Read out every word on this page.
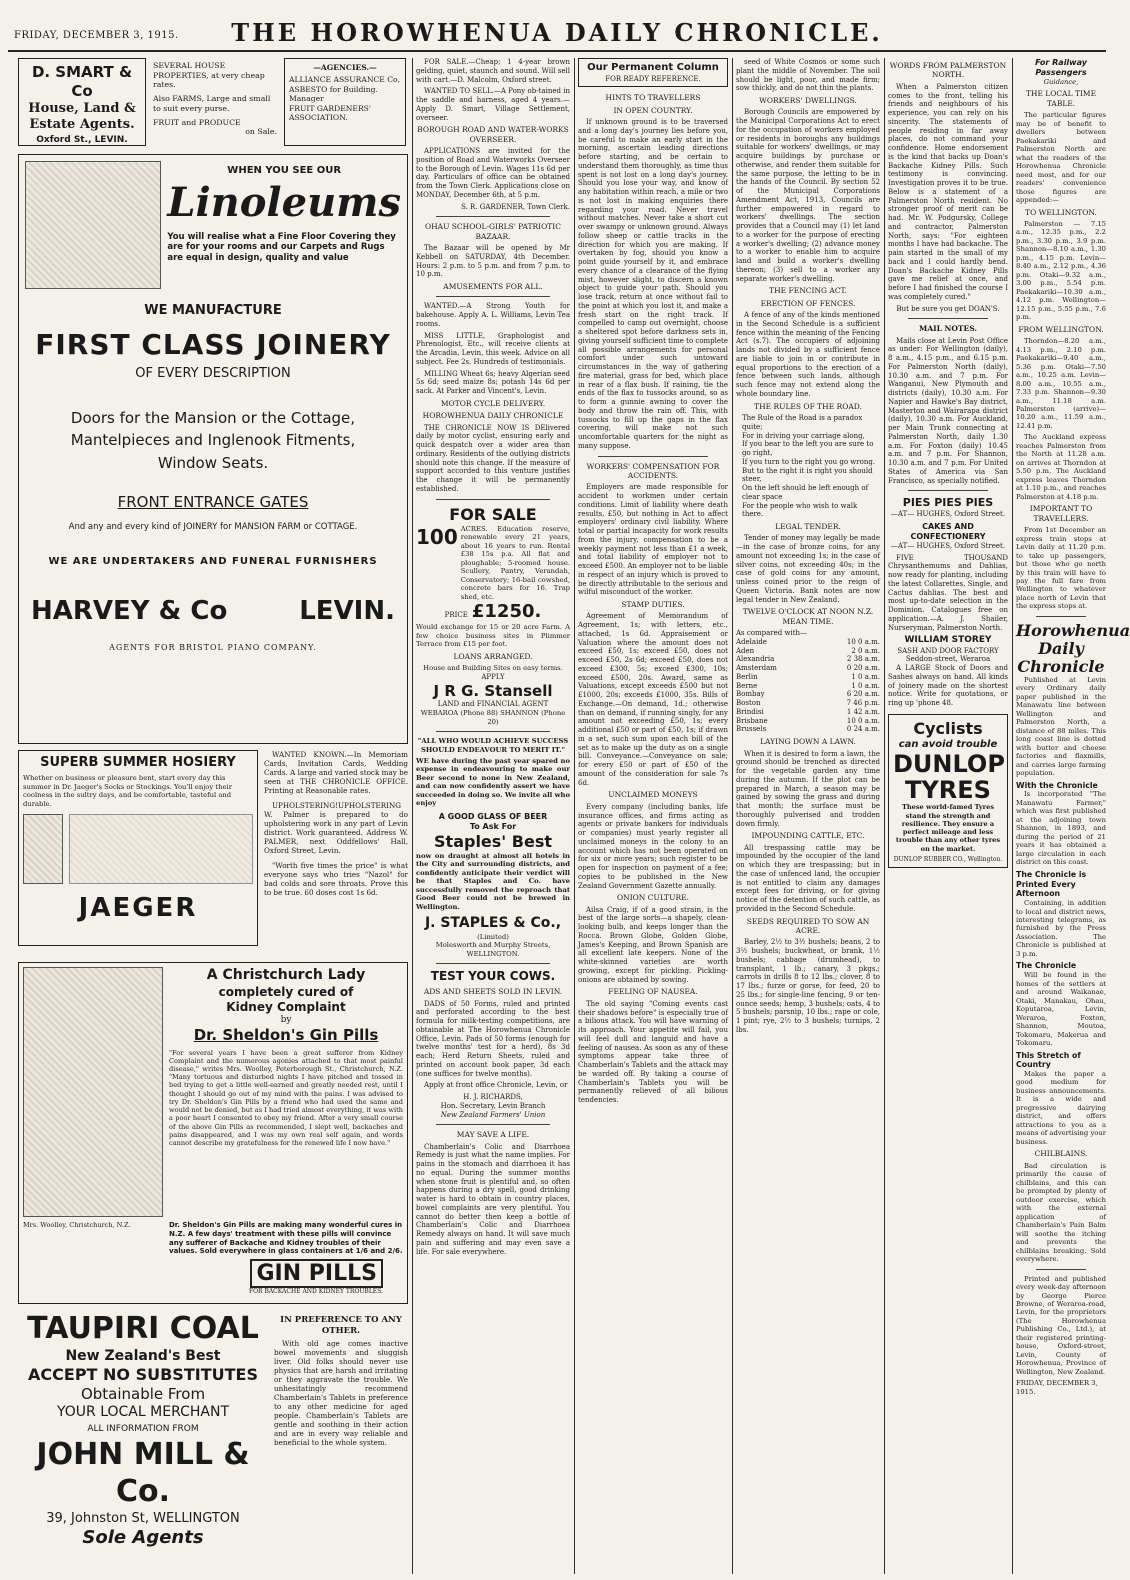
FRIDAY, DECEMBER 3, 1915.	THE HOROWHENUA DAILY CHRONICLE.
D. SMART & Co
House, Land &
Estate Agents.
Oxford St., LEVIN.

SEVERAL HOUSE PROPERTIES, at very cheap rates.

Also FARMS, Large and small to suit every purse.

FRUIT and PRODUCE

on Sale.

—AGENCIES.—
ALLIANCE ASSURANCE Co,
ASBESTO for Building.
Manager
FRUIT GARDENERS' ASSOCIATION.
WHEN YOU SEE OUR
Linoleums

You will realise what a Fine Floor Covering they are for your rooms and our Carpets and Rugs are equal in design, quality and value

WE MANUFACTURE
FIRST CLASS JOINERY
OF EVERY DESCRIPTION
Doors for the Mansion or the Cottage,
Mantelpieces and Inglenook Fitments,
Window Seats.
FRONT ENTRANCE GATES
And any and every kind of JOINERY for MANSION FARM or COTTAGE.
WE ARE UNDERTAKERS AND FUNERAL FURNISHERS
HARVEY & Co	LEVIN.
AGENTS FOR BRISTOL PIANO COMPANY.
SUPERB SUMMER HOSIERY

Whether on business or pleasure bent, start every day this summer in Dr. Jaeger's Socks or Stockings. You'll enjoy their coolness in the sultry days, and be comfortable, tasteful and durable.

JAEGER

WANTED KNOWN.—In Memoriam Cards, Invitation Cards, Wedding Cards. A large and varied stock may be seen at THE CHRONICLE OFFICE. Printing at Reasonable rates.

UPHOLSTERING!UPHOLSTERING W. Palmer is prepared to do upholstering work in any part of Levin district. Work guaranteed. Address W. PALMER, next Oddfellows' Hall, Oxford Street, Levin.

"Worth five times the price" is what everyone says who tries "Nazol" for bad colds and sore throats. Prove this to be true. 60 doses cost 1s 6d.

A Christchurch Lady
completely cured of
Kidney Complaint
by
Dr. Sheldon's Gin Pills

"For several years I have been a great sufferer from Kidney Complaint and the numerous agonies attached to that most painful disease," writes Mrs. Woolley, Peterborough St., Christchurch, N.Z. "Many tortuous and disturbed nights I have pitched and tossed in bed trying to get a little well-earned and greatly needed rest, until I thought I should go out of my mind with the pains. I was advised to try Dr. Sheldon's Gin Pills by a friend who had used the same and would not be denied, but as I had tried almost everything, it was with a poor heart I consented to obey my friend. After a very small course of the above Gin Pills as recommended, I slept well, backaches and pains disappeared, and I was my own real self again, and words cannot describe my gratefulness for the renewed life I now have."

Mrs. Woolley, Christchurch, N.Z.	Dr. Sheldon's Gin Pills are making many wonderful cures in N.Z. A few days' treatment with these pills will convince any sufferer of Backache and Kidney troubles of their values. Sold everywhere in glass containers at 1/6 and 2/6.

GIN PILLS
FOR BACKACHE AND KIDNEY TROUBLES.
TAUPIRI COAL
New Zealand's Best
ACCEPT NO SUBSTITUTES
Obtainable From
YOUR LOCAL MERCHANT
ALL INFORMATION FROM
JOHN MILL & Co.
39, Johnston St, WELLINGTON
Sole Agents
IN PREFERENCE TO ANY OTHER.

With old age comes inactive bowel movements and sluggish liver. Old folks should never use physics that are harsh and irritating or they aggravate the trouble. We unhesitatingly recommend Chamberlain's Tablets in preference to any other medicine for aged people. Chamberlain's Tablets are gentle and soothing in their action and are in every way reliable and beneficial to the whole system.

FOR SALE.—Cheap; 1 4-year brown gelding, quiet, staunch and sound. Will sell with cart.—D. Malcolm, Oxford street.

WANTED TO SELL.—A Pony ob-tained in the saddle and harness, aged 4 years.—Apply D. Smart, Village Settlement, overseer.

BOROUGH ROAD AND WATER-WORKS OVERSEER.

APPLICATIONS are invited for the position of Road and Waterworks Overseer to the Borough of Levin. Wages 11s 6d per day. Particulars of office can be obtained from the Town Clerk. Applications close on MONDAY, December 6th, at 5 p.m.

S. R. GARDENER, Town Clerk.
OHAU SCHOOL-GIRLS' PATRIOTIC BAZAAR.

The Bazaar will be opened by Mr Kebbell on SATURDAY, 4th December. Hours: 2 p.m. to 5 p.m. and from 7 p.m. to 10 p.m.

AMUSEMENTS FOR ALL.

WANTED.—A Strong Youth for bakehouse. Apply A. L. Williams, Levin Tea rooms.

MISS LITTLE, Graphologist and Phrenologist, Etc., will receive clients at the Arcadia, Levin, this week. Advice on all subject. Fee 2s. Hundreds of testimonials.

MILLING Wheat 6s; heavy Algerian seed 5s 6d; seed maize 8s; potash 14s 6d per sack. At Parker and Vincent's, Levin.

MOTOR CYCLE DELIVERY.
HOROWHENUA DAILY CHRONICLE

THE CHRONICLE NOW IS DElivered daily by motor cyclist, ensuring early and quick despatch over a wider area than ordinary. Residents of the outlying districts should note this change. If the measure of support accorded to this venture justifies the change it will be permanently established.

FOR SALE
100 ACRES. Education reserve, renewable every 21 years, about 16 years to run. Rental £38 15s p.a. All flat and ploughable; 5-roomed house. Scullery, Pantry, Verandah, Conservatory; 16-bail cowshed, concrete bars for 16. Trap shed, etc.

PRICE £1250.

Would exchange for 15 or 20 acre Farm. A few choice business sites in Plimmer Terrace from £15 per foot.

LOANS ARRANGED.

House and Building Sites on easy terms.

APPLY
J R G. Stansell
LAND and FINANCIAL AGENT
WEBAROA (Phone 88) SHANNON (Phone 20)

"ALL WHO WOULD ACHIEVE SUCCESS SHOULD ENDEAVOUR TO MERIT IT."

WE have during the past year spared no expense in endeavouring to make our Beer second to none in New Zealand, and can now confidently assert we have succeeded in doing so. We invite all who enjoy

A GOOD GLASS OF BEER
To Ask For
Staples' Best

now on draught at almost all hotels in the City and surrounding districts, and confidently anticipate their verdict will be that Staples and Co. have successfully removed the reproach that Good Beer could not be brewed in Wellington.

J. STAPLES & Co.,
(Limited)
Molesworth and Murphy Streets, WELLINGTON.
TEST YOUR COWS.
ADS AND SHEETS SOLD IN LEVIN.

DADS of 50 Forms, ruled and printed and perforated according to the best formula for milk-testing competitions, are obtainable at The Horowhenua Chronicle Office, Levin. Pads of 50 forms (enough for twelve months' test for a herd), 8s 3d each; Herd Return Sheets, ruled and printed on account book paper, 3d each (one suffices for twelve months).

Apply at front office Chronicle, Levin, or

H. J. RICHARDS,
Hon. Secretary, Levin Branch
New Zealand Farmers' Union
MAY SAVE A LIFE.

Chamberlain's Colic and Diarrhoea Remedy is just what the name implies. For pains in the stomach and diarrhoea it has no equal. During the summer months when stone fruit is plentiful and, so often happens during a dry spell, good drinking water is hard to obtain in country places, bowel complaints are very plentiful. You cannot do better then keep a bottle of Chamberlain's Colic and Diarrhoea Remedy always on hand. It will save much pain and suffering and may even save a life. For sale everywhere.

Our Permanent Column
FOR READY REFERENCE.
HINTS TO TRAVELLERS
IN OPEN COUNTRY.

If unknown ground is to be traversed and a long day's journey lies before you, be careful to make an early start in the morning, ascertain leading directions before starting, and be certain to understand them thoroughly, as time thus spent is not lost on a long day's journey. Should you lose your way, and know of any habitation within reach, a mile or two is not lost in making enquiries there regarding your road. Never travel without matches. Never take a short cut over swampy or unknown ground. Always follow sheep or cattle tracks in the direction for which you are making. If overtaken by fog, should you know a point guide yourself by it, and embrace every chance of a clearance of the flying mist, however slight, to discern a known object to guide your path. Should you lose track, return at once without fail to the point at which you lost it, and make a fresh start on the right track. If compelled to camp out overnight, choose a sheltered spot before darkness sets in, giving yourself sufficient time to complete all possible arrangements for personal comfort under such untoward circumstances in the way of gathering fire material, grass for bed, which place in rear of a flax bush. If raining, tie the ends of the flax to tussocks around, so as to form a gunnie awning to cover the body and throw the rain off. This, with tussocks to fill up the gaps in the flax covering, will make not such uncomfortable quarters for the night as many suppose.

WORKERS' COMPENSATION FOR ACCIDENTS.

Employers are made responsible for accident to workmen under certain conditions. Limit of liability where death results, £50, but nothing in Act to affect employers' ordinary civil liability. Where total or partial incapacity for work results from the injury, compensation to be a weekly payment not less than £1 a week, and total liability of employer not to exceed £500. An employer not to be liable in respect of an injury which is proved to be directly attributable to the serious and wilful misconduct of the worker.

STAMP DUTIES.

Agreement of Memorandum of Agreement, 1s; with letters, etc., attached, 1s 6d. Appraisement or Valuation where the amount does not exceed £50, 1s; exceed £50, does not exceed £50, 2s 6d; exceed £50, does not exceed £300, 5s; exceed £300, 10s; exceed £500, 20s. Award, same as Valuations, except exceeds £500 but not £1000, 20s; exceeds £1000, 35s. Bills of Exchange.—On demand, 1d.; otherwise than on demand, if running singly, for any amount not exceeding £50, 1s; every additional £50 or part of £50, 1s; if drawn in a set, such sum upon each bill of the set as to make up the duty as on a single bill. Conveyance.—Conveyance on sale; for every £50 or part of £50 of the amount of the consideration for sale 7s 6d.

UNCLAIMED MONEYS

Every company (including banks, life insurance offices, and firms acting as agents or private bankers for individuals or companies) must yearly register all unclaimed moneys in the colony to an account which has not been operated on for six or more years; such register to be open for inspection on payment of a fee; copies to be published in the New Zealand Government Gazette annually.

ONION CULTURE.

Ailsa Craig, if of a good strain, is the best of the large sorts—a shapely, clean-looking bulb, and keeps longer than the Rocca. Brown Globe, Golden Globe, James's Keeping, and Brown Spanish are all excellent late keepers. None of the white-skinned varieties are worth growing, except for pickling. Pickling-onions are obtained by sowing.

FEELING OF NAUSEA.

The old saying "Coming events cast their shadows before" is especially true of a bilious attack. You will have warning of its approach. Your appetite will fail, you will feel dull and languid and have a feeling of nausea. As soon as any of these symptoms appear take three of Chamberlain's Tablets and the attack may be warded off. By taking a course of Chamberlain's Tablets you will be permanently relieved of all bilious tendencies.

seed of White Cosmos or some such plant the middle of November. The soil should be light, poor, and made firm; sow thickly, and do not thin the plants.

WORKERS' DWELLINGS.

Borough Councils are empowered by the Municipal Corporations Act to erect for the occupation of workers employed or residents in boroughs any buildings suitable for workers' dwellings, or may acquire buildings by purchase or otherwise, and render them suitable for the same purpose, the letting to be in the hands of the Council. By section 52 of the Municipal Corporations Amendment Act, 1913, Councils are further empowered in regard to workers' dwellings. The section provides that a Council may (1) let land to a worker for the purpose of erecting a worker's dwelling; (2) advance money to a worker to enable him to acquire land and build a worker's dwelling thereon; (3) sell to a worker any separate worker's dwelling.

THE FENCING ACT.
ERECTION OF FENCES.

A fence of any of the kinds mentioned in the Second Schedule is a sufficient fence within the meaning of the Fencing Act (s.7). The occupiers of adjoining lands not divided by a sufficient fence are liable to join in or contribute in equal proportions to the erection of a fence between such lands, although such fence may not extend along the whole boundary line.

THE RULES OF THE ROAD.
The Rule of the Road is a paradox quite;
For in driving your carriage along,
If you bear to the left you are sure to go right,
If you turn to the right you go wrong.
But to the right it is right you should steer,
On the left should be left enough of clear space
For the people who wish to walk there.
LEGAL TENDER.

Tender of money may legally be made—in the case of bronze coins, for any amount not exceeding 1s; in the case of silver coins, not exceeding 40s; in the case of gold coins for any amount, unless coined prior to the reign of Queen Victoria. Bank notes are now legal tender in New Zealand.

TWELVE O'CLOCK AT NOON N.Z. MEAN TIME.
As compared with—
Adelaide	10 0 a.m.
Aden	2 0 a.m.
Alexandria	2 38 a.m.
Amsterdam	0 20 a.m.
Berlin	1 0 a.m.
Berne	1 0 a.m.
Bombay	6 20 a.m.
Boston	7 46 p.m.
Brindisi	1 42 a.m.
Brisbane	10 0 a.m.
Brussels	0 24 a.m.
LAYING DOWN A LAWN.

When it is desired to form a lawn, the ground should be trenched as directed for the vegetable garden any time during the autumn. If the plot can be prepared in March, a season may be gained by sowing the grass and during that month; the surface must be thoroughly pulverised and trodden down firmly.

IMPOUNDING CATTLE, ETC.

All trespassing cattle may be impounded by the occupier of the land on which they are trespassing; but in the case of unfenced land, the occupier is not entitled to claim any damages except fees for driving, or for giving notice of the detention of such cattle, as provided in the Second Schedule.

SEEDS REQUIRED TO SOW AN ACRE.

Barley, 2½ to 3½ bushels; beans, 2 to 3½ bushels; buckwheat, or brank, 1½ bushels; cabbage (drumhead), to transplant, 1 lb.; canary, 3 pkgs.; carrots in drills 8 to 12 lbs.; clover, 8 to 17 lbs.; furze or gorse, for feed, 20 to 25 lbs.; for single-line fencing, 9 or ten-ounce seeds; hemp, 3 bushels; oats, 4 to 5 bushels; parsnip, 10 lbs.; rape or cole, 1 pint; rye, 2½ to 3 bushels; turnips, 2 lbs.

WORDS FROM PALMERSTON NORTH.

When a Palmerston citizen comes to the front, telling his friends and neighbours of his experience, you can rely on his sincerity. The statements of people residing in far away places, do not command your confidence. Home endorsement is the kind that backs up Doan's Backache Kidney Pills. Such testimony is convincing. Investigation proves it to be true. Below is a statement of a Palmerston North resident. No stronger proof of merit can be had. Mr. W. Podgursky, College and contractor, Palmerston North, says: "For eighteen months I have had backache. The pain started in the small of my back and I could hardly bend. Doan's Backache Kidney Pills gave me relief at once, and before I had finished the course I was completely cured."

But be sure you get DOAN'S.
MAIL NOTES.

Mails close at Levin Post Office as under: For Wellington (daily), 8 a.m., 4.15 p.m., and 6.15 p.m. For Palmerston North (daily), 10.30 a.m. and 7 p.m. For Wanganui, New Plymouth and districts (daily), 10.30 a.m. For Napier and Hawke's Bay district, Masterton and Wairarapa district (daily), 10.30 a.m. For Auckland, per Main Trunk connecting at Palmerston North, daily 1.30 a.m. For Foxton (daily) 10.45 a.m. and 7 p.m. For Shannon, 10.30 a.m. and 7 p.m. For United States of America via San Francisco, as specially notified.

PIES PIES PIES
—AT— HUGHES, Oxford Street.
CAKES AND CONFECTIONERY
—AT— HUGHES, Oxford Street.

FIVE THOUSAND Chrysanthemums and Dahlias, now ready for planting, including the latest Collarettes, Single, and Cactus dahlias. The best and most up-to-date selection in the Dominion. Catalogues free on application.—A. J. Shailer, Nurseryman, Palmerston North.

WILLIAM STOREY
SASH AND DOOR FACTORY
Seddon-street, Weraroa

A LARGE Stock of Doors and Sashes always on hand. All kinds of joinery made on the shortest notice. Write for quotations, or ring up 'phone 48.

Cyclists
can avoid trouble
DUNLOP TYRES

These world-famed Tyres stand the strength and resilience. They ensure a perfect mileage and less trouble than any other tyres on the market.

DUNLOP RUBBER CO., Wellington.
For Railway Passengers
Guidance,
THE LOCAL TIME TABLE.

The particular figures may be of benefit to dwellers between Paekakariki and Palmerston North are what the readers of the Horowhenua Chronicle need most, and for our readers' convenience those figures are appended:—

TO WELLINGTON.

Palmerston — 7.15 a.m., 12.35 p.m., 2.2 p.m., 3.30 p.m., 3.9 p.m. Shannon—8.10 a.m., 1.30 p.m., 4.15 p.m. Levin—8.40 a.m., 2.12 p.m., 4.36 p.m. Otaki—9.32 a.m., 3.00 p.m., 5.54 p.m. Paekakariki—10.30 a.m., 4.12 p.m. Wellington—12.15 p.m., 5.55 p.m., 7.6 p.m.

FROM WELLINGTON.

Thorndon—8.20 a.m., 4.13 p.m., 2.10 p.m. Paekakariki—9.40 a.m., 5.36 p.m. Otaki—7.50 a.m., 10.25 a.m. Levin—8.00 a.m., 10.55 a.m., 7.33 p.m. Shannon—9.30 a.m., 11.18 a.m. Palmerston (arrive)—10.20 a.m., 11.59 a.m., 12.41 p.m.

The Auckland express reaches Palmerston from the North at 11.28 a.m. on arrives at Thorndon at 5.50 p.m. The Auckland express leaves Thorndon at 1.10 p.m., and reaches Palmerston at 4.18 p.m.

IMPORTANT TO TRAVELLERS.

From 1st December an express train stops at Levin daily at 11.20 p.m. to take up passengers, but those who go north by this train will have to pay the full fare from Wellington to whatever place north of Levin that the express stops at.

Horowhenua Daily Chronicle

Published at Levin every Ordinary daily paper published in the Manawatu line between Wellington and Palmerston North, a distance of 88 miles. This long coast line is dotted with butter and cheese factories and flaxmills, and carries large farming population.

With the Chronicle

Is incorporated "The Manawatu Farmer," which was first published at the adjoining town Shannon, in 1893, and during the period of 21 years it has obtained a large circulation in each district on this coast.

The Chronicle is Printed Every Afternoon

Containing, in addition to local and district news, interesting telegrams, as furnished by the Press Association. The Chronicle is published at 3 p.m.

The Chronicle

Will be found in the homes of the settlers at and around Waikanae, Otaki, Manakau, Ohau, Koputaroa, Levin, Weraroa, Foxton, Shannon, Moutoa, Tokomaru, Makerua and Tokomaru.

This Stretch of Country

Makes the paper a good medium for business announcements. It is a wide and progressive dairying district, and offers attractions to you as a means of advertising your business.

CHILBLAINS.

Bad circulation is primarily the cause of chilblains, and this can be prompted by plenty of outdoor exercise, which with the external application of Chamberlain's Pain Balm will soothe the itching and prevents the chilblains breaking. Sold everywhere.

Printed and published every week-day afternoon by George Pierce Browne, of Weraroa-road, Levin, for the proprietors (The Horowhenua Publishing Co., Ltd.), at their registered printing-house, Oxford-street, Levin, County of Horowhenua, Province of Wellington, New Zealand.

FRIDAY, DECEMBER 3, 1915.
